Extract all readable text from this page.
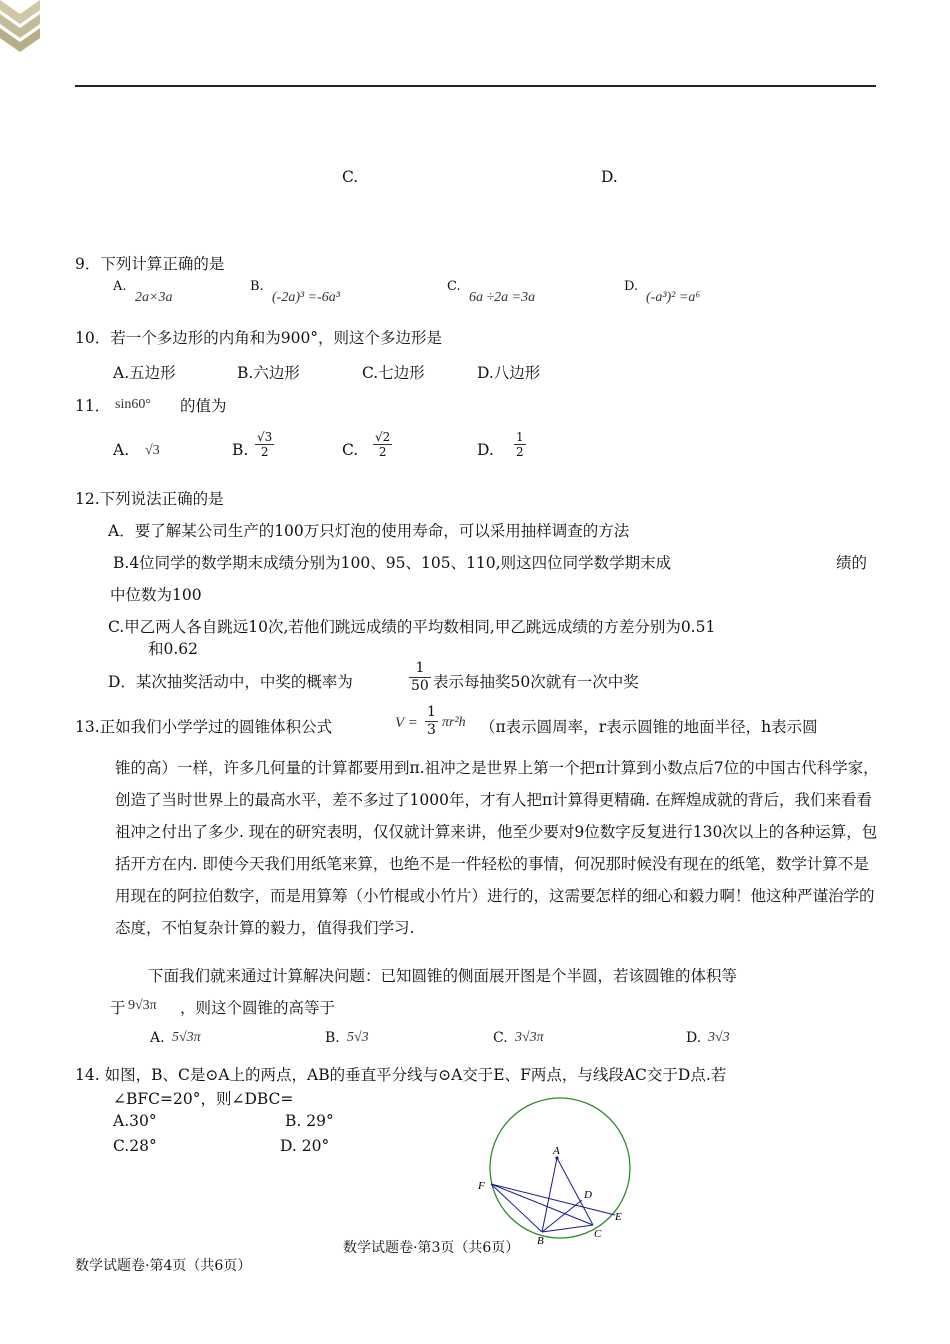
C.	D.
9．下列计算正确的是
A.
2a×3a
B.
(-2a)³ =-6a³
C.
6a ÷2a =3a
D.
(-a³)² =a⁶
10．若一个多边形的内角和为900°，则这个多边形是
A.五边形	B.六边形	C.七边形	D.八边形
11． sin60° 的值为
A. √3	B. $\frac{√3}{2}$	C. $\frac{√2}{2}$	D. $\frac{1}{2}$
12.下列说法正确的是
A．要了解某公司生产的100万只灯泡的使用寿命，可以采用抽样调查的方法
B.4位同学的数学期末成绩分别为100、95、105、110,则这四位同学数学期末成	绩的
中位数为100
C.甲乙两人各自跳远10次,若他们跳远成绩的平均数相同,甲乙跳远成绩的方差分别为0.51
和0.62
D．某次抽奖活动中，中奖的概率为	$\frac{1}{50}$ 表示每抽奖50次就有一次中奖
13.正如我们小学学过的圆锥体积公式	$V = \frac{1}{3} \pi r^2h$ （π表示圆周率，r表示圆锥的地面半径，h表示圆
锥的高）一样，许多几何量的计算都要用到π.祖冲之是世界上第一个把π计算到小数点后7位的中国古代科学家，创造了当时世界上的最高水平，差不多过了1000年，才有人把π计算得更精确. 在辉煌成就的背后，我们来看看祖冲之付出了多少. 现在的研究表明，仅仅就计算来讲，他至少要对9位数字反复进行130次以上的各种运算，包括开方在内. 即使今天我们用纸笔来算，也绝不是一件轻松的事情，何况那时候没有现在的纸笔，数学计算不是用现在的阿拉伯数字，而是用算筹（小竹棍或小竹片）进行的，这需要怎样的细心和毅力啊！他这种严谨治学的态度，不怕复杂计算的毅力，值得我们学习.
下面我们就来通过计算解决问题：已知圆锥的侧面展开图是个半圆，若该圆锥的体积等
于 9√3π ，则这个圆锥的高等于
A. 5√3π	B. 5√3	C. 3√3π	D. 3√3
14. 如图，B、C是⊙A上的两点，AB的垂直平分线与⊙A交于E、F两点，与线段AC交于D点.若
∠BFC=20°，则∠DBC=
A.30°	B. 29°
C.28°	D. 20°	A
F
D
E
C
B
数学试题卷·第3页（共6页）
数学试题卷·第4页（共6页）
